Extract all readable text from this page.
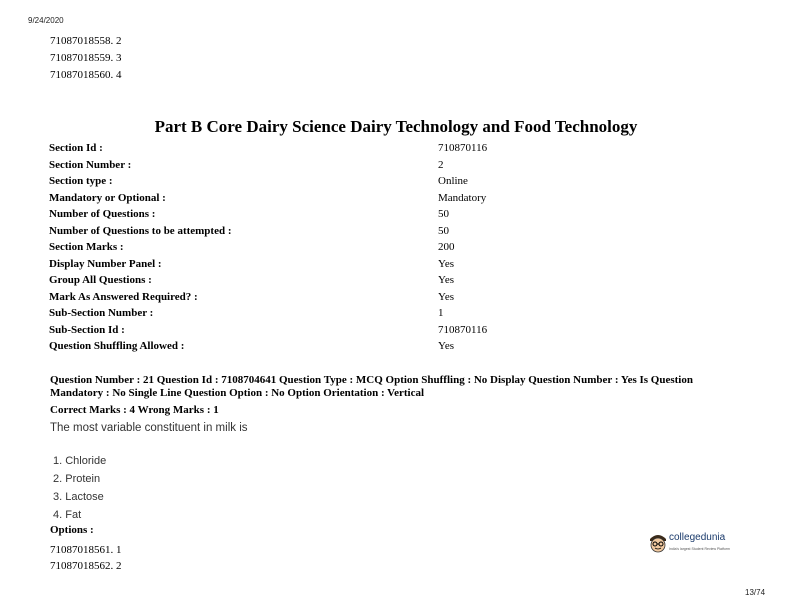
9/24/2020
71087018558. 2
71087018559. 3
71087018560. 4
Part B Core Dairy Science Dairy Technology and Food Technology
Section Id :	710870116
Section Number :	2
Section type :	Online
Mandatory or Optional :	Mandatory
Number of Questions :	50
Number of Questions to be attempted :	50
Section Marks :	200
Display Number Panel :	Yes
Group All Questions :	Yes
Mark As Answered Required? :	Yes
Sub-Section Number :	1
Sub-Section Id :	710870116
Question Shuffling Allowed :	Yes
Question Number : 21 Question Id : 7108704641 Question Type : MCQ Option Shuffling : No Display Question Number : Yes Is Question Mandatory : No Single Line Question Option : No Option Orientation : Vertical
Correct Marks : 4 Wrong Marks : 1
The most variable constituent in milk is
1. Chloride
2. Protein
3. Lactose
4. Fat
Options :
71087018561. 1
71087018562. 2
collegedunia
India's largest Student Review Platform
13/74
